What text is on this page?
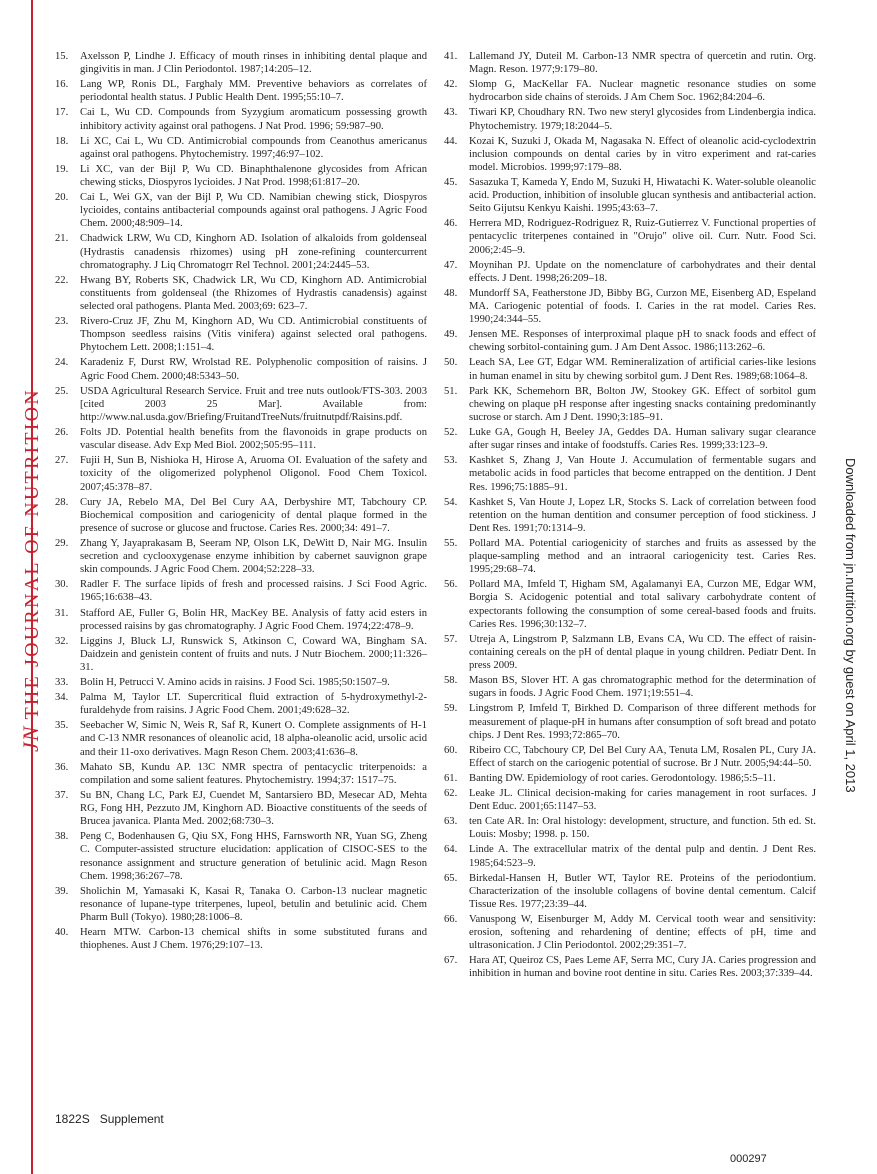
JNTHE JOURNAL OF NUTRITION	Downloaded from jn.nutrition.org by guest on April 1, 2013
15. Axelsson P, Lindhe J. Efficacy of mouth rinses in inhibiting dental plaque and gingivitis in man. J Clin Periodontol. 1987;14:205–12.
16. Lang WP, Ronis DL, Farghaly MM. Preventive behaviors as correlates of periodontal health status. J Public Health Dent. 1995;55:10–7.
17. Cai L, Wu CD. Compounds from Syzygium aromaticum possessing growth inhibitory activity against oral pathogens. J Nat Prod. 1996; 59:987–90.
18. Li XC, Cai L, Wu CD. Antimicrobial compounds from Ceanothus americanus against oral pathogens. Phytochemistry. 1997;46:97–102.
19. Li XC, van der Bijl P, Wu CD. Binaphthalenone glycosides from African chewing sticks, Diospyros lycioides. J Nat Prod. 1998;61:817–20.
20. Cai L, Wei GX, van der Bijl P, Wu CD. Namibian chewing stick, Diospyros lycioides, contains antibacterial compounds against oral pathogens. J Agric Food Chem. 2000;48:909–14.
21. Chadwick LRW, Wu CD, Kinghorn AD. Isolation of alkaloids from goldenseal (Hydrastis canadensis rhizomes) using pH zone-refining countercurrent chromatography. J Liq Chromatogrr Rel Technol. 2001;24:2445–53.
22. Hwang BY, Roberts SK, Chadwick LR, Wu CD, Kinghorn AD. Antimicrobial constituents from goldenseal (the Rhizomes of Hydrastis canadensis) against selected oral pathogens. Planta Med. 2003;69: 623–7.
23. Rivero-Cruz JF, Zhu M, Kinghorn AD, Wu CD. Antimicrobial constituents of Thompson seedless raisins (Vitis vinifera) against selected oral pathogens. Phytochem Lett. 2008;1:151–4.
24. Karadeniz F, Durst RW, Wrolstad RE. Polyphenolic composition of raisins. J Agric Food Chem. 2000;48:5343–50.
25. USDA Agricultural Research Service. Fruit and tree nuts outlook/FTS-303. 2003 [cited 2003 25 Mar]. Available from: http://www.nal.usda.gov/Briefing/FruitandTreeNuts/fruitnutpdf/Raisins.pdf.
26. Folts JD. Potential health benefits from the flavonoids in grape products on vascular disease. Adv Exp Med Biol. 2002;505:95–111.
27. Fujii H, Sun B, Nishioka H, Hirose A, Aruoma OI. Evaluation of the safety and toxicity of the oligomerized polyphenol Oligonol. Food Chem Toxicol. 2007;45:378–87.
28. Cury JA, Rebelo MA, Del Bel Cury AA, Derbyshire MT, Tabchoury CP. Biochemical composition and cariogenicity of dental plaque formed in the presence of sucrose or glucose and fructose. Caries Res. 2000;34: 491–7.
29. Zhang Y, Jayaprakasam B, Seeram NP, Olson LK, DeWitt D, Nair MG. Insulin secretion and cyclooxygenase enzyme inhibition by cabernet sauvignon grape skin compounds. J Agric Food Chem. 2004;52:228–33.
30. Radler F. The surface lipids of fresh and processed raisins. J Sci Food Agric. 1965;16:638–43.
31. Stafford AE, Fuller G, Bolin HR, MacKey BE. Analysis of fatty acid esters in processed raisins by gas chromatography. J Agric Food Chem. 1974;22:478–9.
32. Liggins J, Bluck LJ, Runswick S, Atkinson C, Coward WA, Bingham SA. Daidzein and genistein content of fruits and nuts. J Nutr Biochem. 2000;11:326–31.
33. Bolin H, Petrucci V. Amino acids in raisins. J Food Sci. 1985;50:1507–9.
34. Palma M, Taylor LT. Supercritical fluid extraction of 5-hydroxymethyl-2-furaldehyde from raisins. J Agric Food Chem. 2001;49:628–32.
35. Seebacher W, Simic N, Weis R, Saf R, Kunert O. Complete assignments of H-1 and C-13 NMR resonances of oleanolic acid, 18 alpha-oleanolic acid, ursolic acid and their 11-oxo derivatives. Magn Reson Chem. 2003;41:636–8.
36. Mahato SB, Kundu AP. 13C NMR spectra of pentacyclic triterpenoids: a compilation and some salient features. Phytochemistry. 1994;37: 1517–75.
37. Su BN, Chang LC, Park EJ, Cuendet M, Santarsiero BD, Mesecar AD, Mehta RG, Fong HH, Pezzuto JM, Kinghorn AD. Bioactive constituents of the seeds of Brucea javanica. Planta Med. 2002;68:730–3.
38. Peng C, Bodenhausen G, Qiu SX, Fong HHS, Farnsworth NR, Yuan SG, Zheng C. Computer-assisted structure elucidation: application of CISOC-SES to the resonance assignment and structure generation of betulinic acid. Magn Reson Chem. 1998;36:267–78.
39. Sholichin M, Yamasaki K, Kasai R, Tanaka O. Carbon-13 nuclear magnetic resonance of lupane-type triterpenes, lupeol, betulin and betulinic acid. Chem Pharm Bull (Tokyo). 1980;28:1006–8.
40. Hearn MTW. Carbon-13 chemical shifts in some substituted furans and thiophenes. Aust J Chem. 1976;29:107–13.
41. Lallemand JY, Duteil M. Carbon-13 NMR spectra of quercetin and rutin. Org. Magn. Reson. 1977;9:179–80.
42. Slomp G, MacKellar FA. Nuclear magnetic resonance studies on some hydrocarbon side chains of steroids. J Am Chem Soc. 1962;84:204–6.
43. Tiwari KP, Choudhary RN. Two new steryl glycosides from Lindenbergia indica. Phytochemistry. 1979;18:2044–5.
44. Kozai K, Suzuki J, Okada M, Nagasaka N. Effect of oleanolic acid-cyclodextrin inclusion compounds on dental caries by in vitro experiment and rat-caries model. Microbios. 1999;97:179–88.
45. Sasazuka T, Kameda Y, Endo M, Suzuki H, Hiwatachi K. Water-soluble oleanolic acid. Production, inhibition of insoluble glucan synthesis and antibacterial action. Seito Gijutsu Kenkyu Kaishi. 1995;43:63–7.
46. Herrera MD, Rodriguez-Rodriguez R, Ruiz-Gutierrez V. Functional properties of pentacyclic triterpenes contained in "Orujo" olive oil. Curr. Nutr. Food Sci. 2006;2:45–9.
47. Moynihan PJ. Update on the nomenclature of carbohydrates and their dental effects. J Dent. 1998;26:209–18.
48. Mundorff SA, Featherstone JD, Bibby BG, Curzon ME, Eisenberg AD, Espeland MA. Cariogenic potential of foods. I. Caries in the rat model. Caries Res. 1990;24:344–55.
49. Jensen ME. Responses of interproximal plaque pH to snack foods and effect of chewing sorbitol-containing gum. J Am Dent Assoc. 1986;113:262–6.
50. Leach SA, Lee GT, Edgar WM. Remineralization of artificial caries-like lesions in human enamel in situ by chewing sorbitol gum. J Dent Res. 1989;68:1064–8.
51. Park KK, Schemehorn BR, Bolton JW, Stookey GK. Effect of sorbitol gum chewing on plaque pH response after ingesting snacks containing predominantly sucrose or starch. Am J Dent. 1990;3:185–91.
52. Luke GA, Gough H, Beeley JA, Geddes DA. Human salivary sugar clearance after sugar rinses and intake of foodstuffs. Caries Res. 1999;33:123–9.
53. Kashket S, Zhang J, Van Houte J. Accumulation of fermentable sugars and metabolic acids in food particles that become entrapped on the dentition. J Dent Res. 1996;75:1885–91.
54. Kashket S, Van Houte J, Lopez LR, Stocks S. Lack of correlation between food retention on the human dentition and consumer perception of food stickiness. J Dent Res. 1991;70:1314–9.
55. Pollard MA. Potential cariogenicity of starches and fruits as assessed by the plaque-sampling method and an intraoral cariogenicity test. Caries Res. 1995;29:68–74.
56. Pollard MA, Imfeld T, Higham SM, Agalamanyi EA, Curzon ME, Edgar WM, Borgia S. Acidogenic potential and total salivary carbohydrate content of expectorants following the consumption of some cereal-based foods and fruits. Caries Res. 1996;30:132–7.
57. Utreja A, Lingstrom P, Salzmann LB, Evans CA, Wu CD. The effect of raisin-containing cereals on the pH of dental plaque in young children. Pediatr Dent. In press 2009.
58. Mason BS, Slover HT. A gas chromatographic method for the determination of sugars in foods. J Agric Food Chem. 1971;19:551–4.
59. Lingstrom P, Imfeld T, Birkhed D. Comparison of three different methods for measurement of plaque-pH in humans after consumption of soft bread and potato chips. J Dent Res. 1993;72:865–70.
60. Ribeiro CC, Tabchoury CP, Del Bel Cury AA, Tenuta LM, Rosalen PL, Cury JA. Effect of starch on the cariogenic potential of sucrose. Br J Nutr. 2005;94:44–50.
61. Banting DW. Epidemiology of root caries. Gerodontology. 1986;5:5–11.
62. Leake JL. Clinical decision-making for caries management in root surfaces. J Dent Educ. 2001;65:1147–53.
63. ten Cate AR. In: Oral histology: development, structure, and function. 5th ed. St. Louis: Mosby; 1998. p. 150.
64. Linde A. The extracellular matrix of the dental pulp and dentin. J Dent Res. 1985;64:523–9.
65. Birkedal-Hansen H, Butler WT, Taylor RE. Proteins of the periodontium. Characterization of the insoluble collagens of bovine dental cementum. Calcif Tissue Res. 1977;23:39–44.
66. Vanuspong W, Eisenburger M, Addy M. Cervical tooth wear and sensitivity: erosion, softening and rehardening of dentine; effects of pH, time and ultrasonication. J Clin Periodontol. 2002;29:351–7.
67. Hara AT, Queiroz CS, Paes Leme AF, Serra MC, Cury JA. Caries progression and inhibition in human and bovine root dentine in situ. Caries Res. 2003;37:339–44.
1822S Supplement
000297
